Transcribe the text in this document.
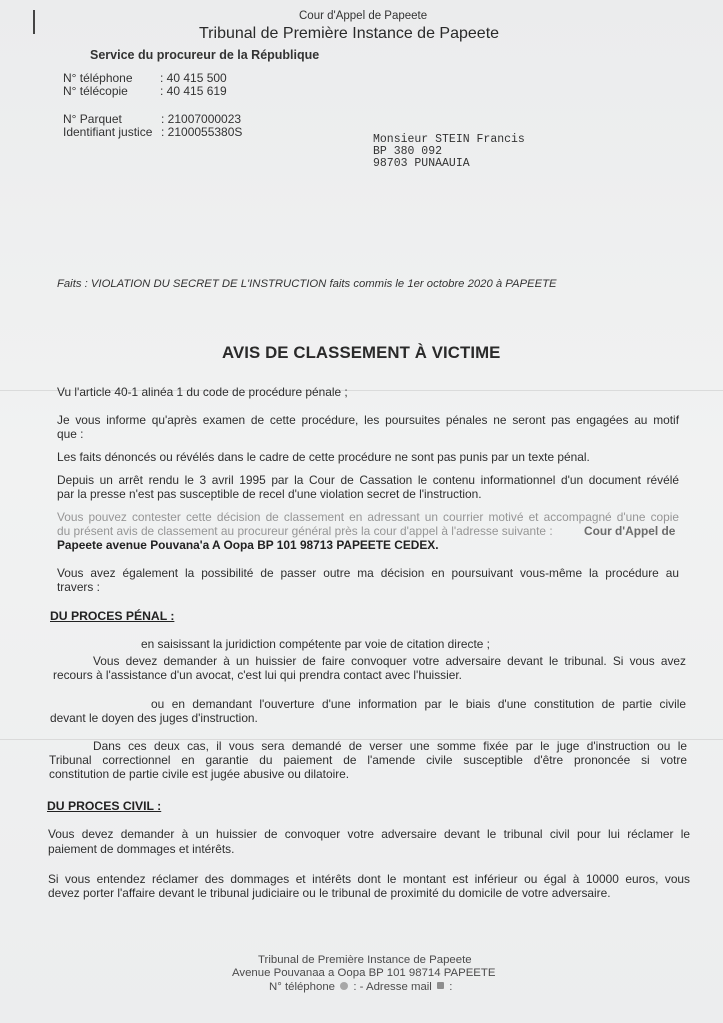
Cour d'Appel de Papeete
Tribunal de Première Instance de Papeete
Service du procureur de la République
N° téléphone : 40 415 500
N° télécopie	: 40 415 619
N° Parquet	: 21007000023
Identifiant justice : 2100055380S
Monsieur STEIN Francis
BP 380 092
98703 PUNAAUIA
Faits : VIOLATION DU SECRET DE L'INSTRUCTION faits commis le 1er octobre 2020 à PAPEETE
AVIS DE CLASSEMENT À VICTIME
Vu l'article 40-1 alinéa 1 du code de procédure pénale ;
Je vous informe qu'après examen de cette procédure, les poursuites pénales ne seront pas engagées au motif
que :
Les faits dénoncés ou révélés dans le cadre de cette procédure ne sont pas punis par un texte pénal.
Depuis un arrêt rendu le 3 avril 1995 par la Cour de Cassation le contenu informationnel d'un document révélé
par la presse n'est pas susceptible de recel d'une violation secret de l'instruction.
Vous pouvez contester cette décision de classement en adressant un courrier motivé et accompagné d'une copie
du présent avis de classement au procureur général près la cour d'appel à l'adresse suivante :	Cour d'Appel de
Papeete avenue Pouvana'a A Oopa BP 101 98713 PAPEETE CEDEX.
Vous avez également la possibilité de passer outre ma décision en poursuivant vous-même la procédure au
travers :
DU PROCES PÉNAL :
en saisissant la juridiction compétente par voie de citation directe ;
Vous devez demander à un huissier de faire convoquer votre adversaire devant le tribunal. Si vous avez
recours à l'assistance d'un avocat, c'est lui qui prendra contact avec l'huissier.
ou en demandant l'ouverture d'une information par le biais d'une constitution de partie civile
devant le doyen des juges d'instruction.
Dans ces deux cas, il vous sera demandé de verser une somme fixée par le juge d'instruction ou le
Tribunal correctionnel en garantie du paiement de l'amende civile susceptible d'être prononcée si votre
constitution de partie civile est jugée abusive ou dilatoire.
DU PROCES CIVIL :
Vous devez demander à un huissier de convoquer votre adversaire devant le tribunal civil pour lui réclamer le
paiement de dommages et intérêts.
Si vous entendez réclamer des dommages et intérêts dont le montant est inférieur ou égal à 10000 euros, vous
devez porter l'affaire devant le tribunal judiciaire ou le tribunal de proximité du domicile de votre adversaire.
Tribunal de Première Instance de Papeete
Avenue Pouvanaa a Oopa BP 101 98714 PAPEETE
N° téléphone : - Adresse mail :
